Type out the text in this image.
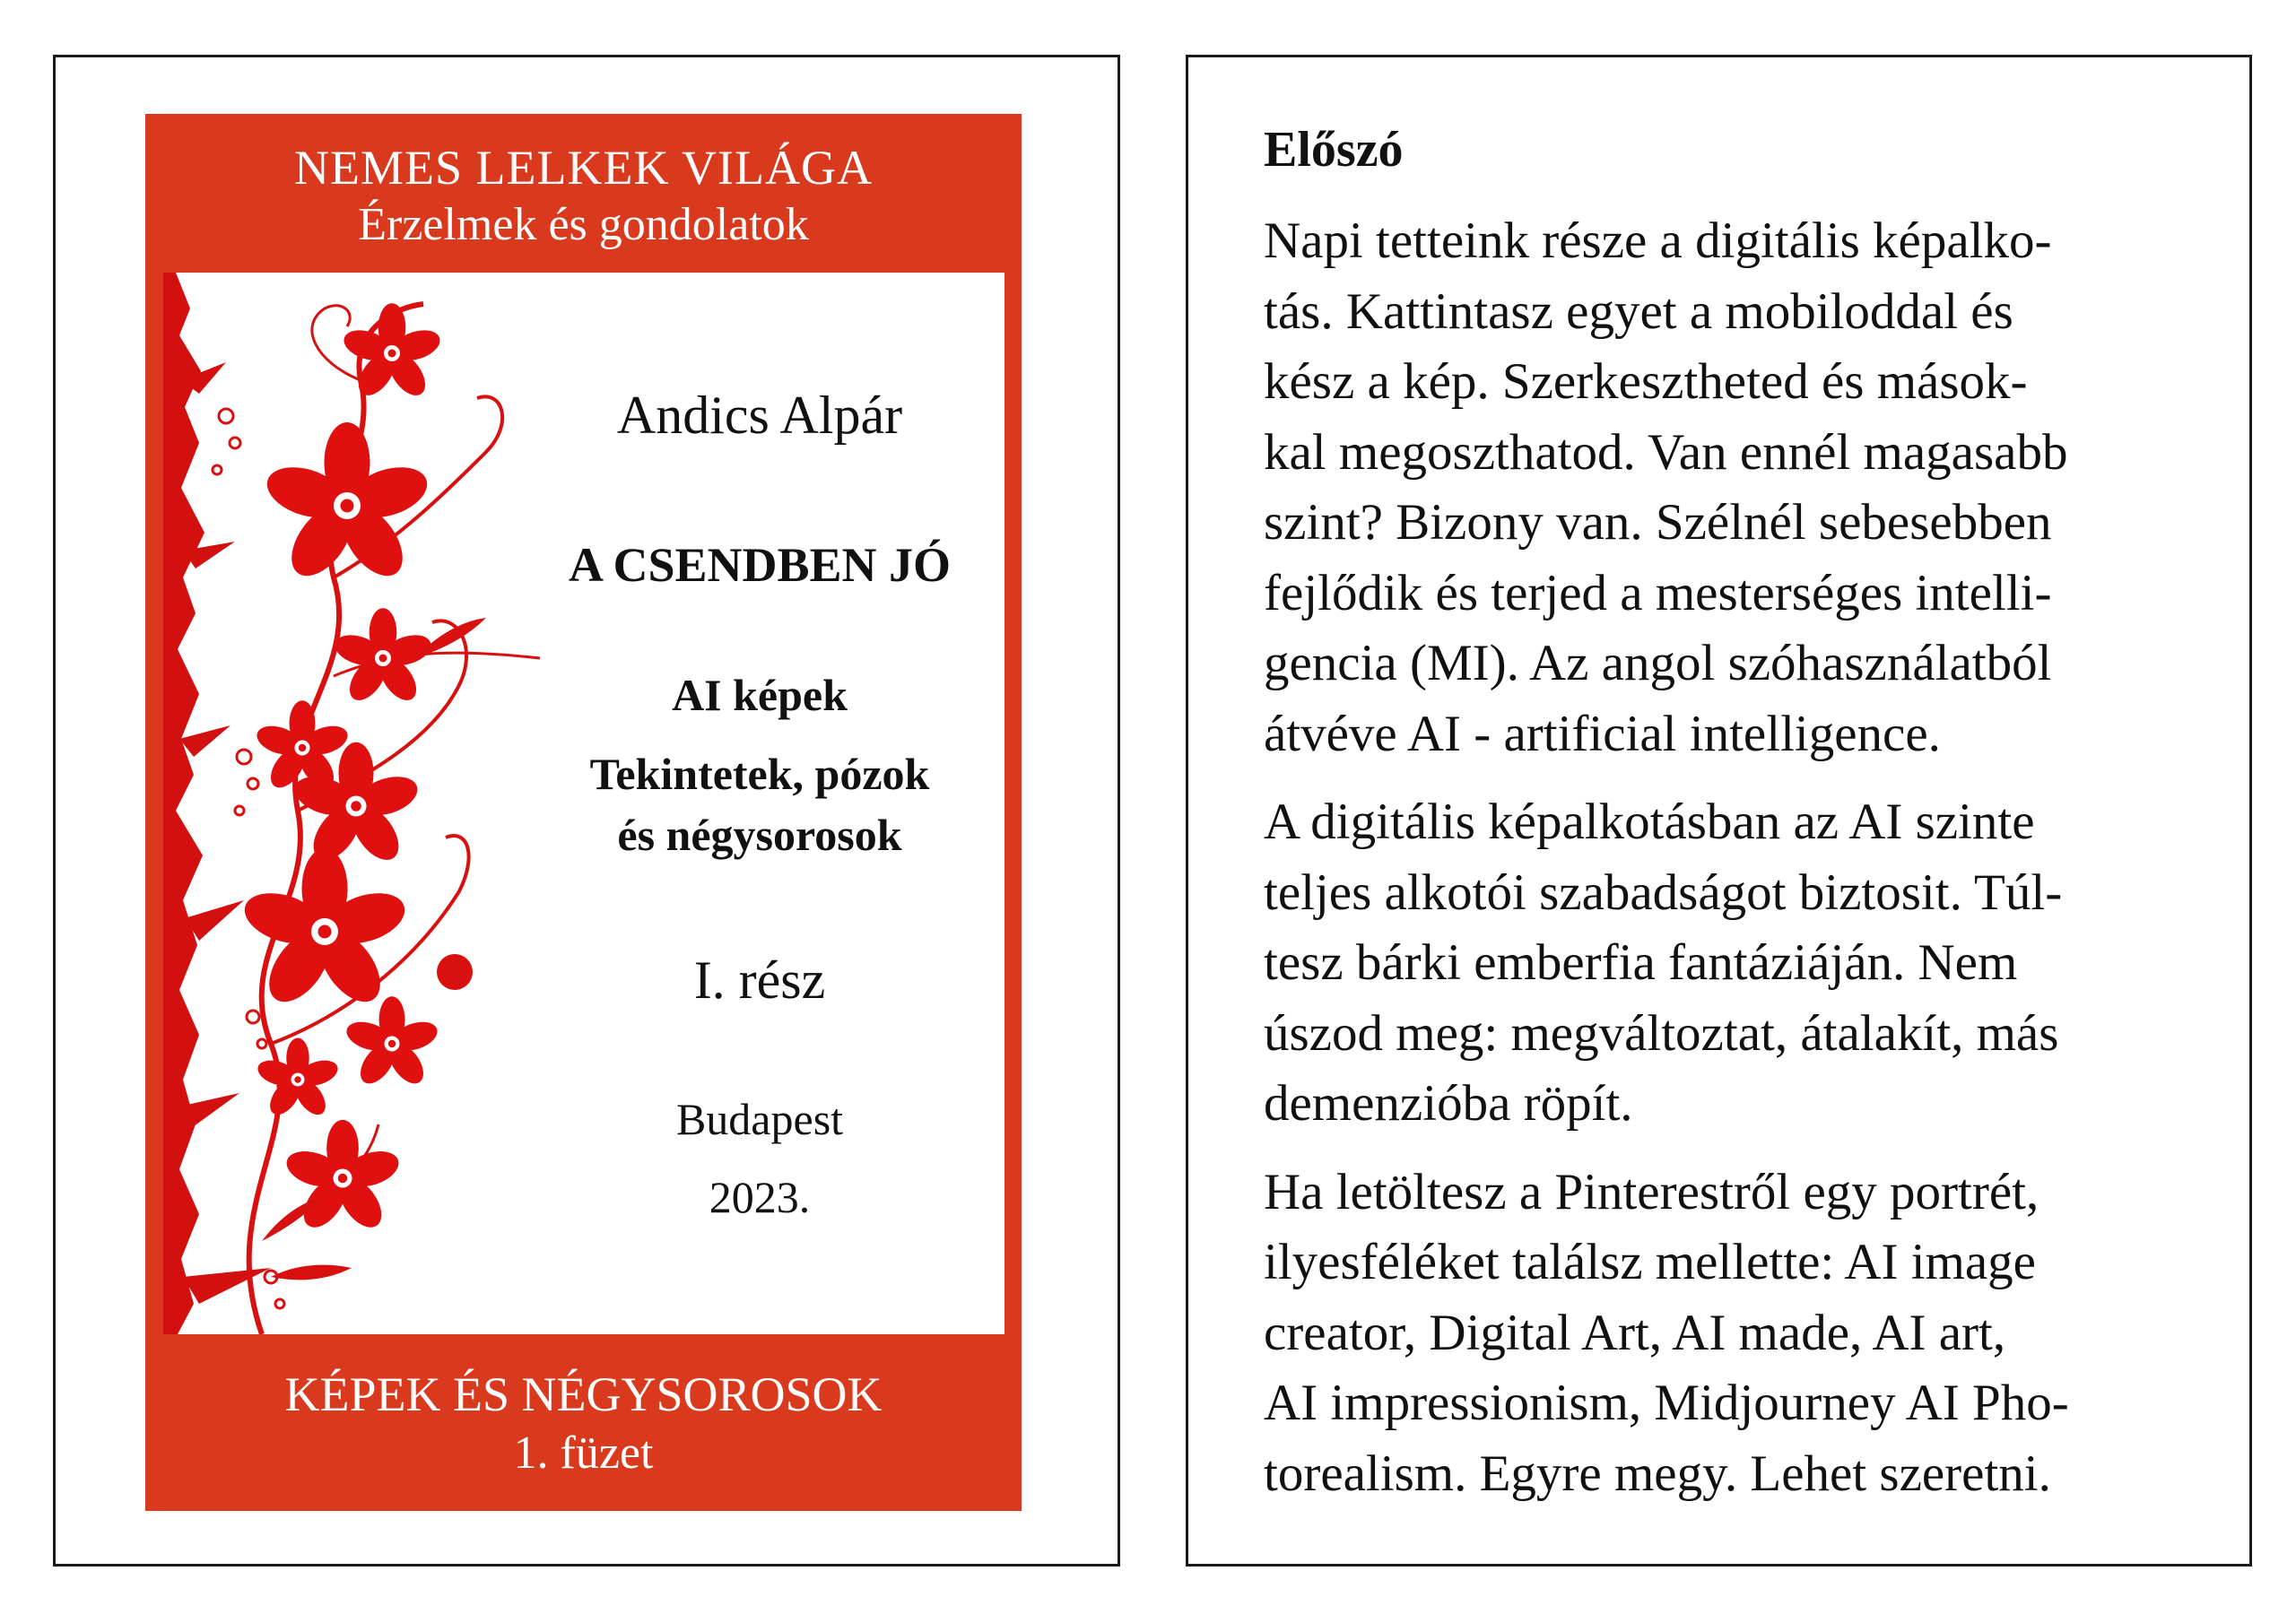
NEMES LELKEK VILÁGA
Érzelmek és gondolatok
Andics Alpár
A CSENDBEN JÓ
AI képek
Tekintetek, pózok
és négysorosok
I. rész
Budapest
2023.
KÉPEK ÉS NÉGYSOROSOK
1. füzet
Előszó
Napi tetteink része a digitális képalko-
tás. Kattintasz egyet a mobiloddal és
kész a kép. Szerkesztheted és mások-
kal megoszthatod. Van ennél magasabb
szint? Bizony van. Szélnél sebesebben
fejlődik és terjed a mesterséges intelli-
gencia (MI). Az angol szóhasználatból
átvéve AI - artificial intelligence.
A digitális képalkotásban az AI szinte
teljes alkotói szabadságot biztosit. Túl-
tesz bárki emberfia fantáziáján. Nem
úszod meg: megváltoztat, átalakít, más
demenzióba röpít.
Ha letöltesz a Pinterestről egy portrét,
ilyesféléket találsz mellette: AI image
creator, Digital Art, AI made, AI art,
AI impressionism, Midjourney AI Pho-
torealism. Egyre megy. Lehet szeretni.
